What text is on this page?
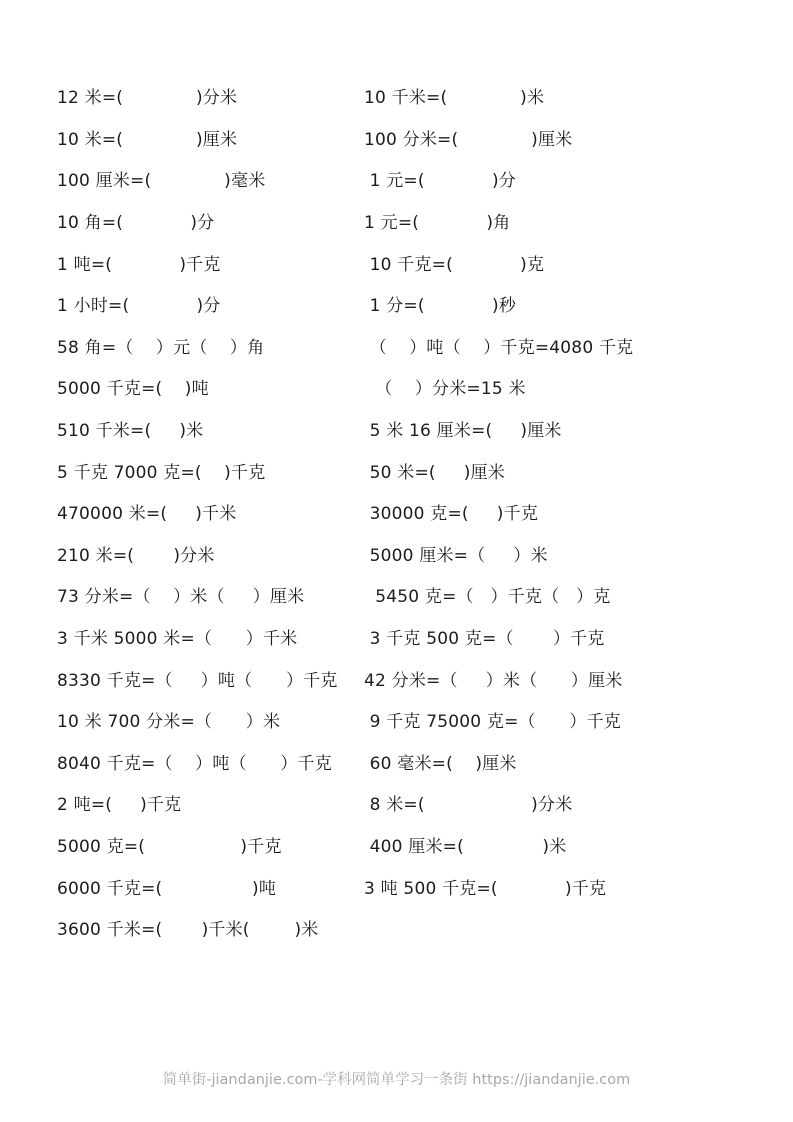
12 米=(             )分米	10 千米=(             )米
10 米=(             )厘米	100 分米=(             )厘米
100 厘米=(             )毫米	1 元=(            )分
10 角=(            )分	1 元=(            )角
1 吨=(            )千克	10 千克=(            )克
1 小时=(            )分	1 分=(            )秒
58 角=（    ）元（    ）角	（    ）吨（    ）千克=4080 千克
5000 千克=(    )吨	（    ）分米=15 米
510 千米=(     )米	5 米 16 厘米=(     )厘米
5 千克 7000 克=(    )千克	50 米=(     )厘米
470000 米=(     )千米	30000 克=(     )千克
210 米=(       )分米	5000 厘米=（     ）米
73 分米=（    ）米（     ）厘米	5450 克=（   ）千克（   ）克
3 千米 5000 米=（      ）千米	3 千克 500 克=（       ）千克
8330 千克=（     ）吨（      ）千克	42 分米=（     ）米（      ）厘米
10 米 700 分米=（      ）米	9 千克 75000 克=（      ）千克
8040 千克=（    ）吨（      ）千克	60 毫米=(    )厘米
2 吨=(     )千克	8 米=(                   )分米
5000 克=(                 )千克	400 厘米=(              )米
6000 千克=(                )吨	3 吨 500 千克=(            )千克
3600 千米=(       )千米(        )米
简单街-jiandanjie.com-学科网简单学习一条街 https://jiandanjie.com
